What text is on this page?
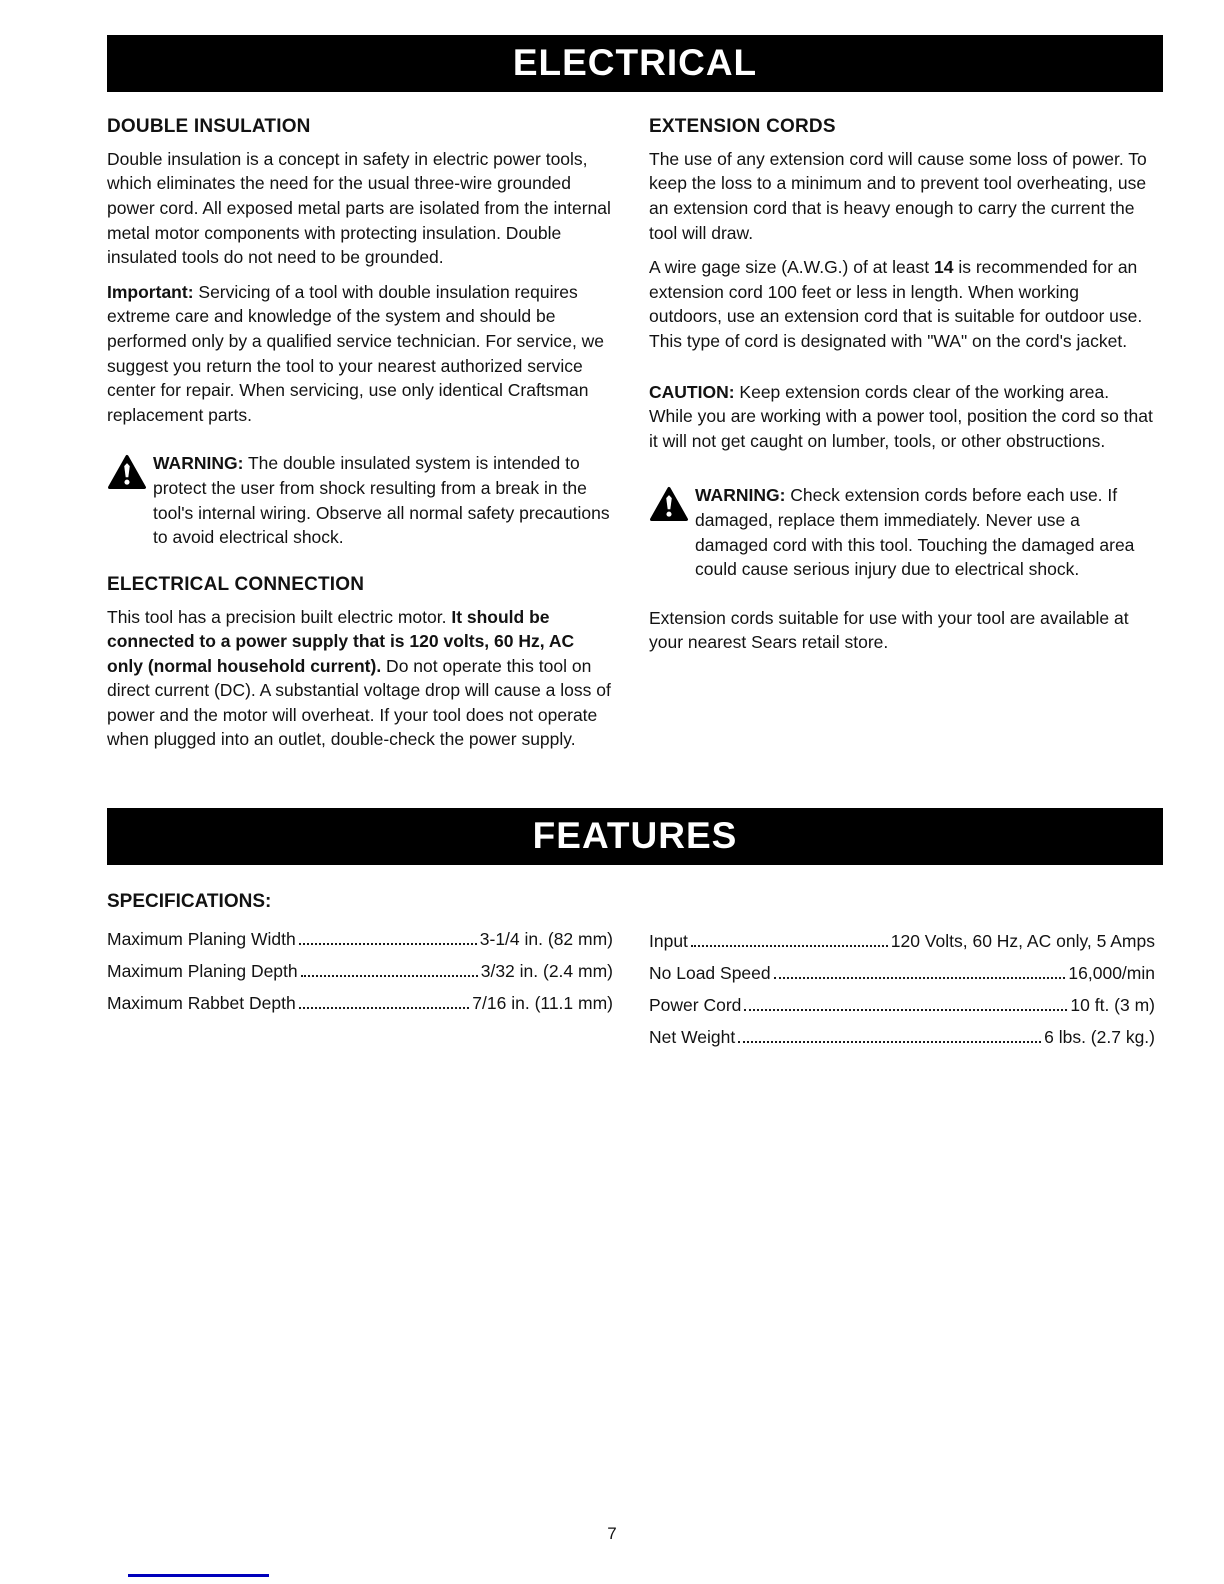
ELECTRICAL
DOUBLE INSULATION

Double insulation is a concept in safety in electric power tools, which eliminates the need for the usual three-wire grounded power cord. All exposed metal parts are isolated from the internal metal motor components with protecting insulation. Double insulated tools do not need to be grounded.

Important: Servicing of a tool with double insulation requires extreme care and knowledge of the system and should be performed only by a qualified service technician. For service, we suggest you return the tool to your nearest authorized service center for repair. When servicing, use only identical Craftsman replacement parts.

WARNING: The double insulated system is intended to protect the user from shock resulting from a break in the tool's internal wiring. Observe all normal safety precautions to avoid electrical shock.

ELECTRICAL CONNECTION

This tool has a precision built electric motor. It should be connected to a power supply that is 120 volts, 60 Hz, AC only (normal household current). Do not operate this tool on direct current (DC). A substantial voltage drop will cause a loss of power and the motor will overheat. If your tool does not operate when plugged into an outlet, double-check the power supply.

EXTENSION CORDS

The use of any extension cord will cause some loss of power. To keep the loss to a minimum and to prevent tool overheating, use an extension cord that is heavy enough to carry the current the tool will draw.

A wire gage size (A.W.G.) of at least 14 is recommended for an extension cord 100 feet or less in length. When working outdoors, use an extension cord that is suitable for outdoor use. This type of cord is designated with "WA" on the cord's jacket.

CAUTION: Keep extension cords clear of the working area. While you are working with a power tool, position the cord so that it will not get caught on lumber, tools, or other obstructions.

WARNING: Check extension cords before each use. If damaged, replace them immediately. Never use a damaged cord with this tool. Touching the damaged area could cause serious injury due to electrical shock.

Extension cords suitable for use with your tool are available at your nearest Sears retail store.

FEATURES
SPECIFICATIONS:
Maximum Planing Width	3-1/4 in. (82 mm)
Maximum Planing Depth	3/32 in. (2.4 mm)
Maximum Rabbet Depth	7/16 in. (11.1 mm)
Input	120 Volts, 60 Hz, AC only, 5 Amps
No Load Speed	16,000/min
Power Cord	10 ft. (3 m)
Net Weight	6 lbs. (2.7 kg.)
7
